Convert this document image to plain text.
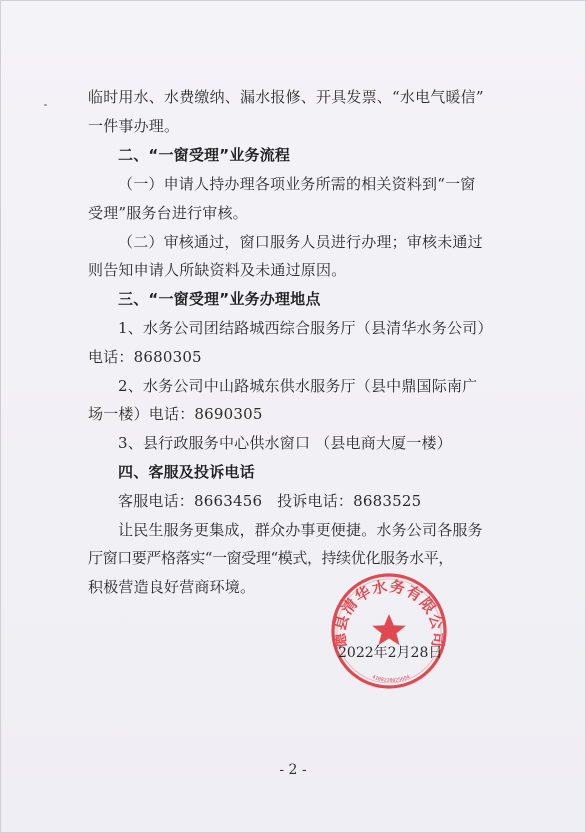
临时用水、水费缴纳、漏水报修、开具发票、“水电气暖信”
一件事办理。
二、“一窗受理”业务流程
（一）申请人持办理各项业务所需的相关资料到“一窗
受理”服务台进行审核。
（二）审核通过，窗口服务人员进行办理；审核未通过
则告知申请人所缺资料及未通过原因。
三、“一窗受理”业务办理地点
1、水务公司团结路城西综合服务厅（县清华水务公司）
电话：8680305
2、水务公司中山路城东供水服务厅（县中鼎国际南广
场一楼）电话：8690305
3、县行政服务中心供水窗口 （县电商大厦一楼）
四、客服及投诉电话
客服电话：8663456   投诉电话：8683525
让民生服务更集成，群众办事更便捷。水务公司各服务
厅窗口要严格落实“一窗受理“模式，持续优化服务水平，
积极营造良好营商环境。
德县清华水务有限公司
4108220025694
2022年2月28日
- 2 -
